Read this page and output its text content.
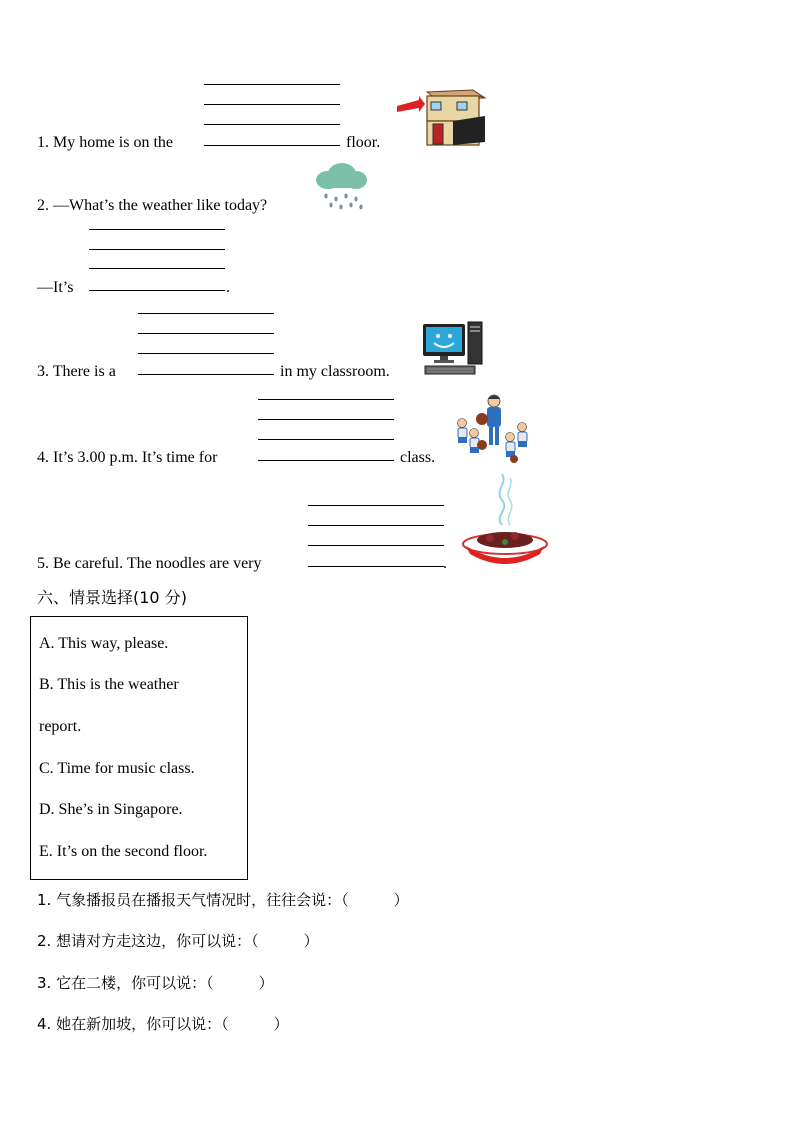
1. My home is on the	floor.
2. —What’s the weather like today?
—It’s	.
3. There is a	in my classroom.
4. It’s 3.00 p.m. It’s time for	class.
5. Be careful. The noodles are very	.
六、情景选择(10 分)
A. This way, please.
B. This is the weather
report.
C. Time for music class.
D. She’s in Singapore.
E. It’s on the second floor.
1. 气象播报员在播报天气情况时，往往会说：（　　　）
2. 想请对方走这边，你可以说：（　　　）
3. 它在二楼，你可以说：（　　　）
4. 她在新加坡，你可以说：（　　　）
